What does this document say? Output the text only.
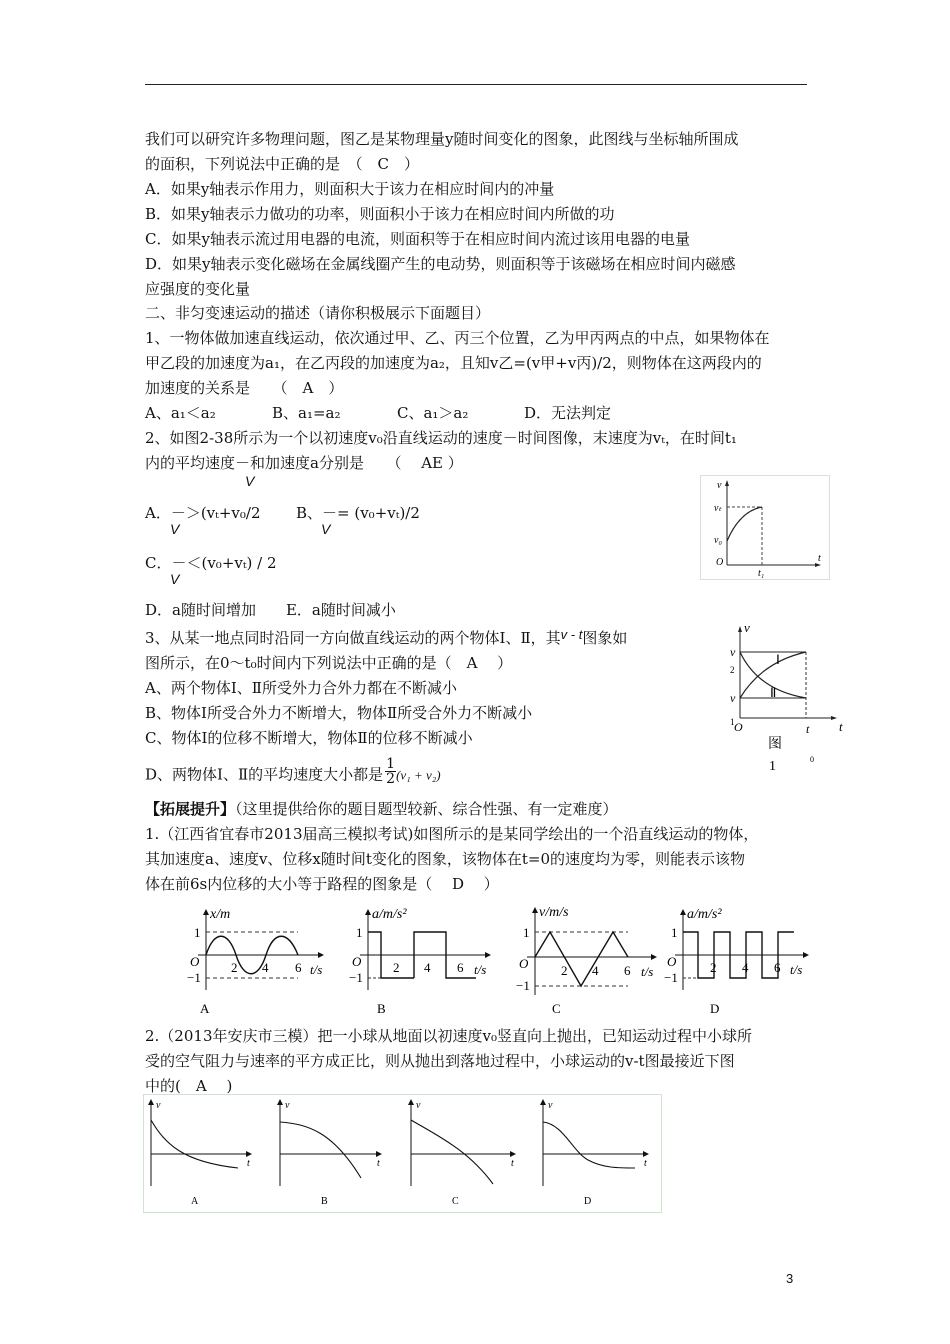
我们可以研究许多物理问题，图乙是某物理量y随时间变化的图象，此图线与坐标轴所围成
的面积，下列说法中正确的是　（　C　）
A．如果y轴表示作用力，则面积大于该力在相应时间内的冲量
B．如果y轴表示力做功的功率，则面积小于该力在相应时间内所做的功
C．如果y轴表示流过用电器的电流，则面积等于在相应时间内流过该用电器的电量
D．如果y轴表示变化磁场在金属线圈产生的电动势，则面积等于该磁场在相应时间内磁感
应强度的变化量
二、非匀变速运动的描述（请你积极展示下面题目）
1、一物体做加速直线运动，依次通过甲、乙、丙三个位置，乙为甲丙两点的中点，如果物体在
甲乙段的加速度为a₁，在乙丙段的加速度为a₂，且知v乙=(v甲+v丙)/2，则物体在这两段内的
加速度的关系是　　（　A　）
A、a₁＜a₂	B、a₁=a₂	C、a₁＞a₂	D．无法判定
2、如图2-38所示为一个以初速度v₀沿直线运动的速度－时间图像，末速度为vₜ，在时间t₁
内的平均速度－和加速度a分别是　　（　 AE ）
V
A．－＞(vₜ+v₀/2
V
B、－= (v₀+vₜ)/2
V
C．－＜(v₀+vₜ) / 2
V
D．a随时间增加　　E．a随时间减小
v
vₜ
v₀
O	t
t₁
3、从某一地点同时沿同一方向做直线运动的两个物体Ⅰ、Ⅱ，其v - t图象如
图所示，在0～t₀时间内下列说法中正确的是（　A　 ）
A、两个物体Ⅰ、Ⅱ所受外力合外力都在不断减小
B、物体Ⅰ所受合外力不断增大，物体Ⅱ所受合外力不断减小
C、物体Ⅰ的位移不断增大，物体Ⅱ的位移不断减小
D、两物体Ⅰ、Ⅱ的平均速度大小都是 $\frac{1}{2} (v_1 + v_2)$
v
v
2
v
1 O	t
t
0
Ⅰ
Ⅱ
图
1
【拓展提升】（这里提供给你的题目题型较新、综合性强、有一定难度）
1.（江西省宜春市2013届高三模拟考试)如图所示的是某同学绘出的一个沿直线运动的物体，
其加速度a、速度v、位移x随时间t变化的图象，该物体在t=0的速度均为零，则能表示该物
体在前6s内位移的大小等于路程的图象是（　 D　 ）
x/m
1
−1
O 2 4 6 t/s
A
a/m/s²
1
−1
O 2 4 6 t/s
B
v/m/s
1
−1
O	2 4 6 t/s
C
a/m/s²
1
−1
O	2 4 6 t/s
D
2.（2013年安庆市三模）把一小球从地面以初速度v₀竖直向上抛出，已知运动过程中小球所
受的空气阻力与速率的平方成正比，则从抛出到落地过程中，小球运动的v-t图最接近下图
中的(　A　 )
v
t
A
v
t
B
v
t
C
v
t
D
3
